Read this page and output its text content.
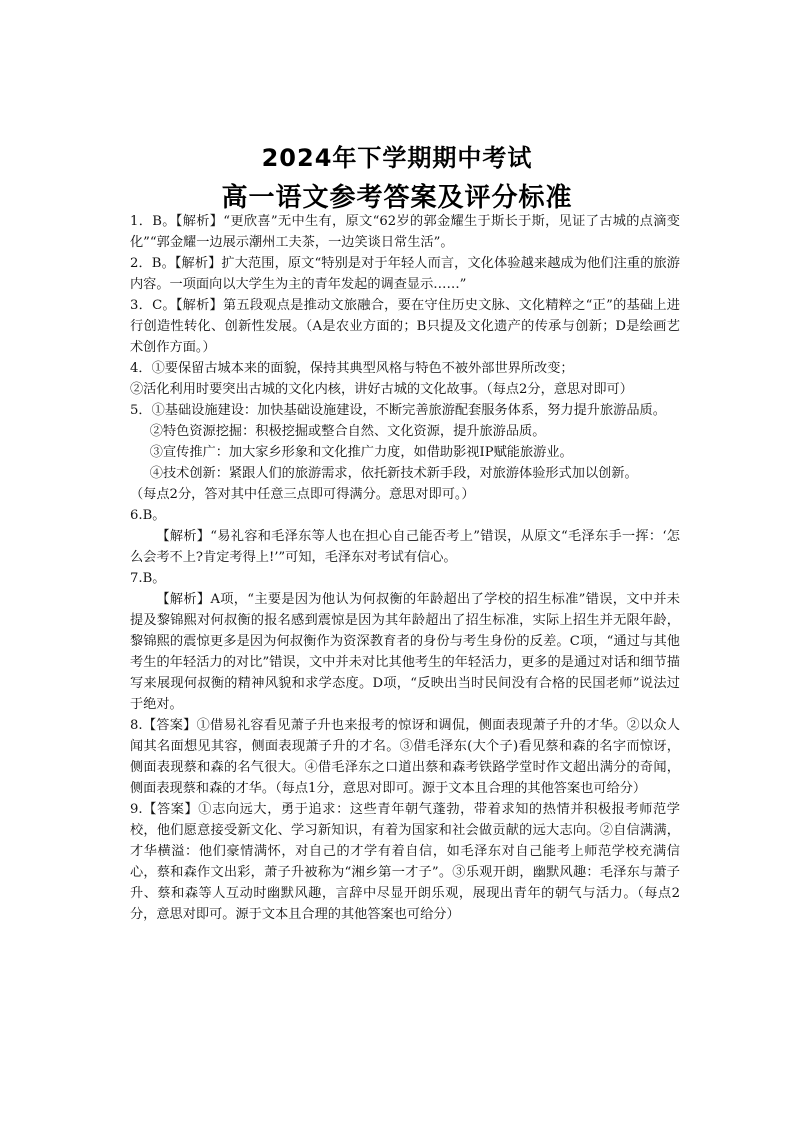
2024年下学期期中考试

高一语文参考答案及评分标准

1．B。【解析】“更欣喜”无中生有，原文“62岁的郭金耀生于斯长于斯，见证了古城的点滴变化”“郭金耀一边展示潮州工夫茶，一边笑谈日常生活”。

2．B。【解析】扩大范围，原文“特别是对于年轻人而言，文化体验越来越成为他们注重的旅游内容。一项面向以大学生为主的青年发起的调查显示……”

3．C。【解析】第五段观点是推动文旅融合，要在守住历史文脉、文化精粹之“正”的基础上进行创造性转化、创新性发展。（A是农业方面的；B只提及文化遗产的传承与创新；D是绘画艺术创作方面。）

4．①要保留古城本来的面貌，保持其典型风格与特色不被外部世界所改变；

②活化利用时要突出古城的文化内核，讲好古城的文化故事。（每点2分，意思对即可）

5．①基础设施建设：加快基础设施建设，不断完善旅游配套服务体系，努力提升旅游品质。

②特色资源挖掘：积极挖掘或整合自然、文化资源，提升旅游品质。

③宣传推广：加大家乡形象和文化推广力度，如借助影视IP赋能旅游业。

④技术创新：紧跟人们的旅游需求，依托新技术新手段，对旅游体验形式加以创新。

（每点2分，答对其中任意三点即可得满分。意思对即可。）

6.B。

【解析】“易礼容和毛泽东等人也在担心自己能否考上”错误，从原文“毛泽东手一挥：‘怎么会考不上?肯定考得上!’”可知，毛泽东对考试有信心。

7.B。

【解析】A项，“主要是因为他认为何叔衡的年龄超出了学校的招生标准”错误，文中并未提及黎锦熙对何叔衡的报名感到震惊是因为其年龄超出了招生标准，实际上招生并无限年龄，黎锦熙的震惊更多是因为何叔衡作为资深教育者的身份与考生身份的反差。C项，“通过与其他考生的年轻活力的对比”错误，文中并未对比其他考生的年轻活力，更多的是通过对话和细节描写来展现何叔衡的精神风貌和求学态度。D项，“反映出当时民间没有合格的民国老师”说法过于绝对。

8.【答案】①借易礼容看见萧子升也来报考的惊讶和调侃，侧面表现萧子升的才华。②以众人闻其名面想见其容，侧面表现萧子升的才名。③借毛泽东(大个子)看见蔡和森的名字而惊讶，侧面表现蔡和森的名气很大。④借毛泽东之口道出蔡和森考铁路学堂时作文超出满分的奇闻，侧面表现蔡和森的才华。（每点1分，意思对即可。源于文本且合理的其他答案也可给分）

9.【答案】①志向远大，勇于追求：这些青年朝气蓬勃，带着求知的热情并积极报考师范学校，他们愿意接受新文化、学习新知识，有着为国家和社会做贡献的远大志向。②自信满满，才华横溢：他们豪情满怀，对自己的才学有着自信，如毛泽东对自己能考上师范学校充满信心，蔡和森作文出彩，萧子升被称为“湘乡第一才子”。③乐观开朗，幽默风趣：毛泽东与萧子升、蔡和森等人互动时幽默风趣，言辞中尽显开朗乐观，展现出青年的朝气与活力。（每点2分，意思对即可。源于文本且合理的其他答案也可给分）
